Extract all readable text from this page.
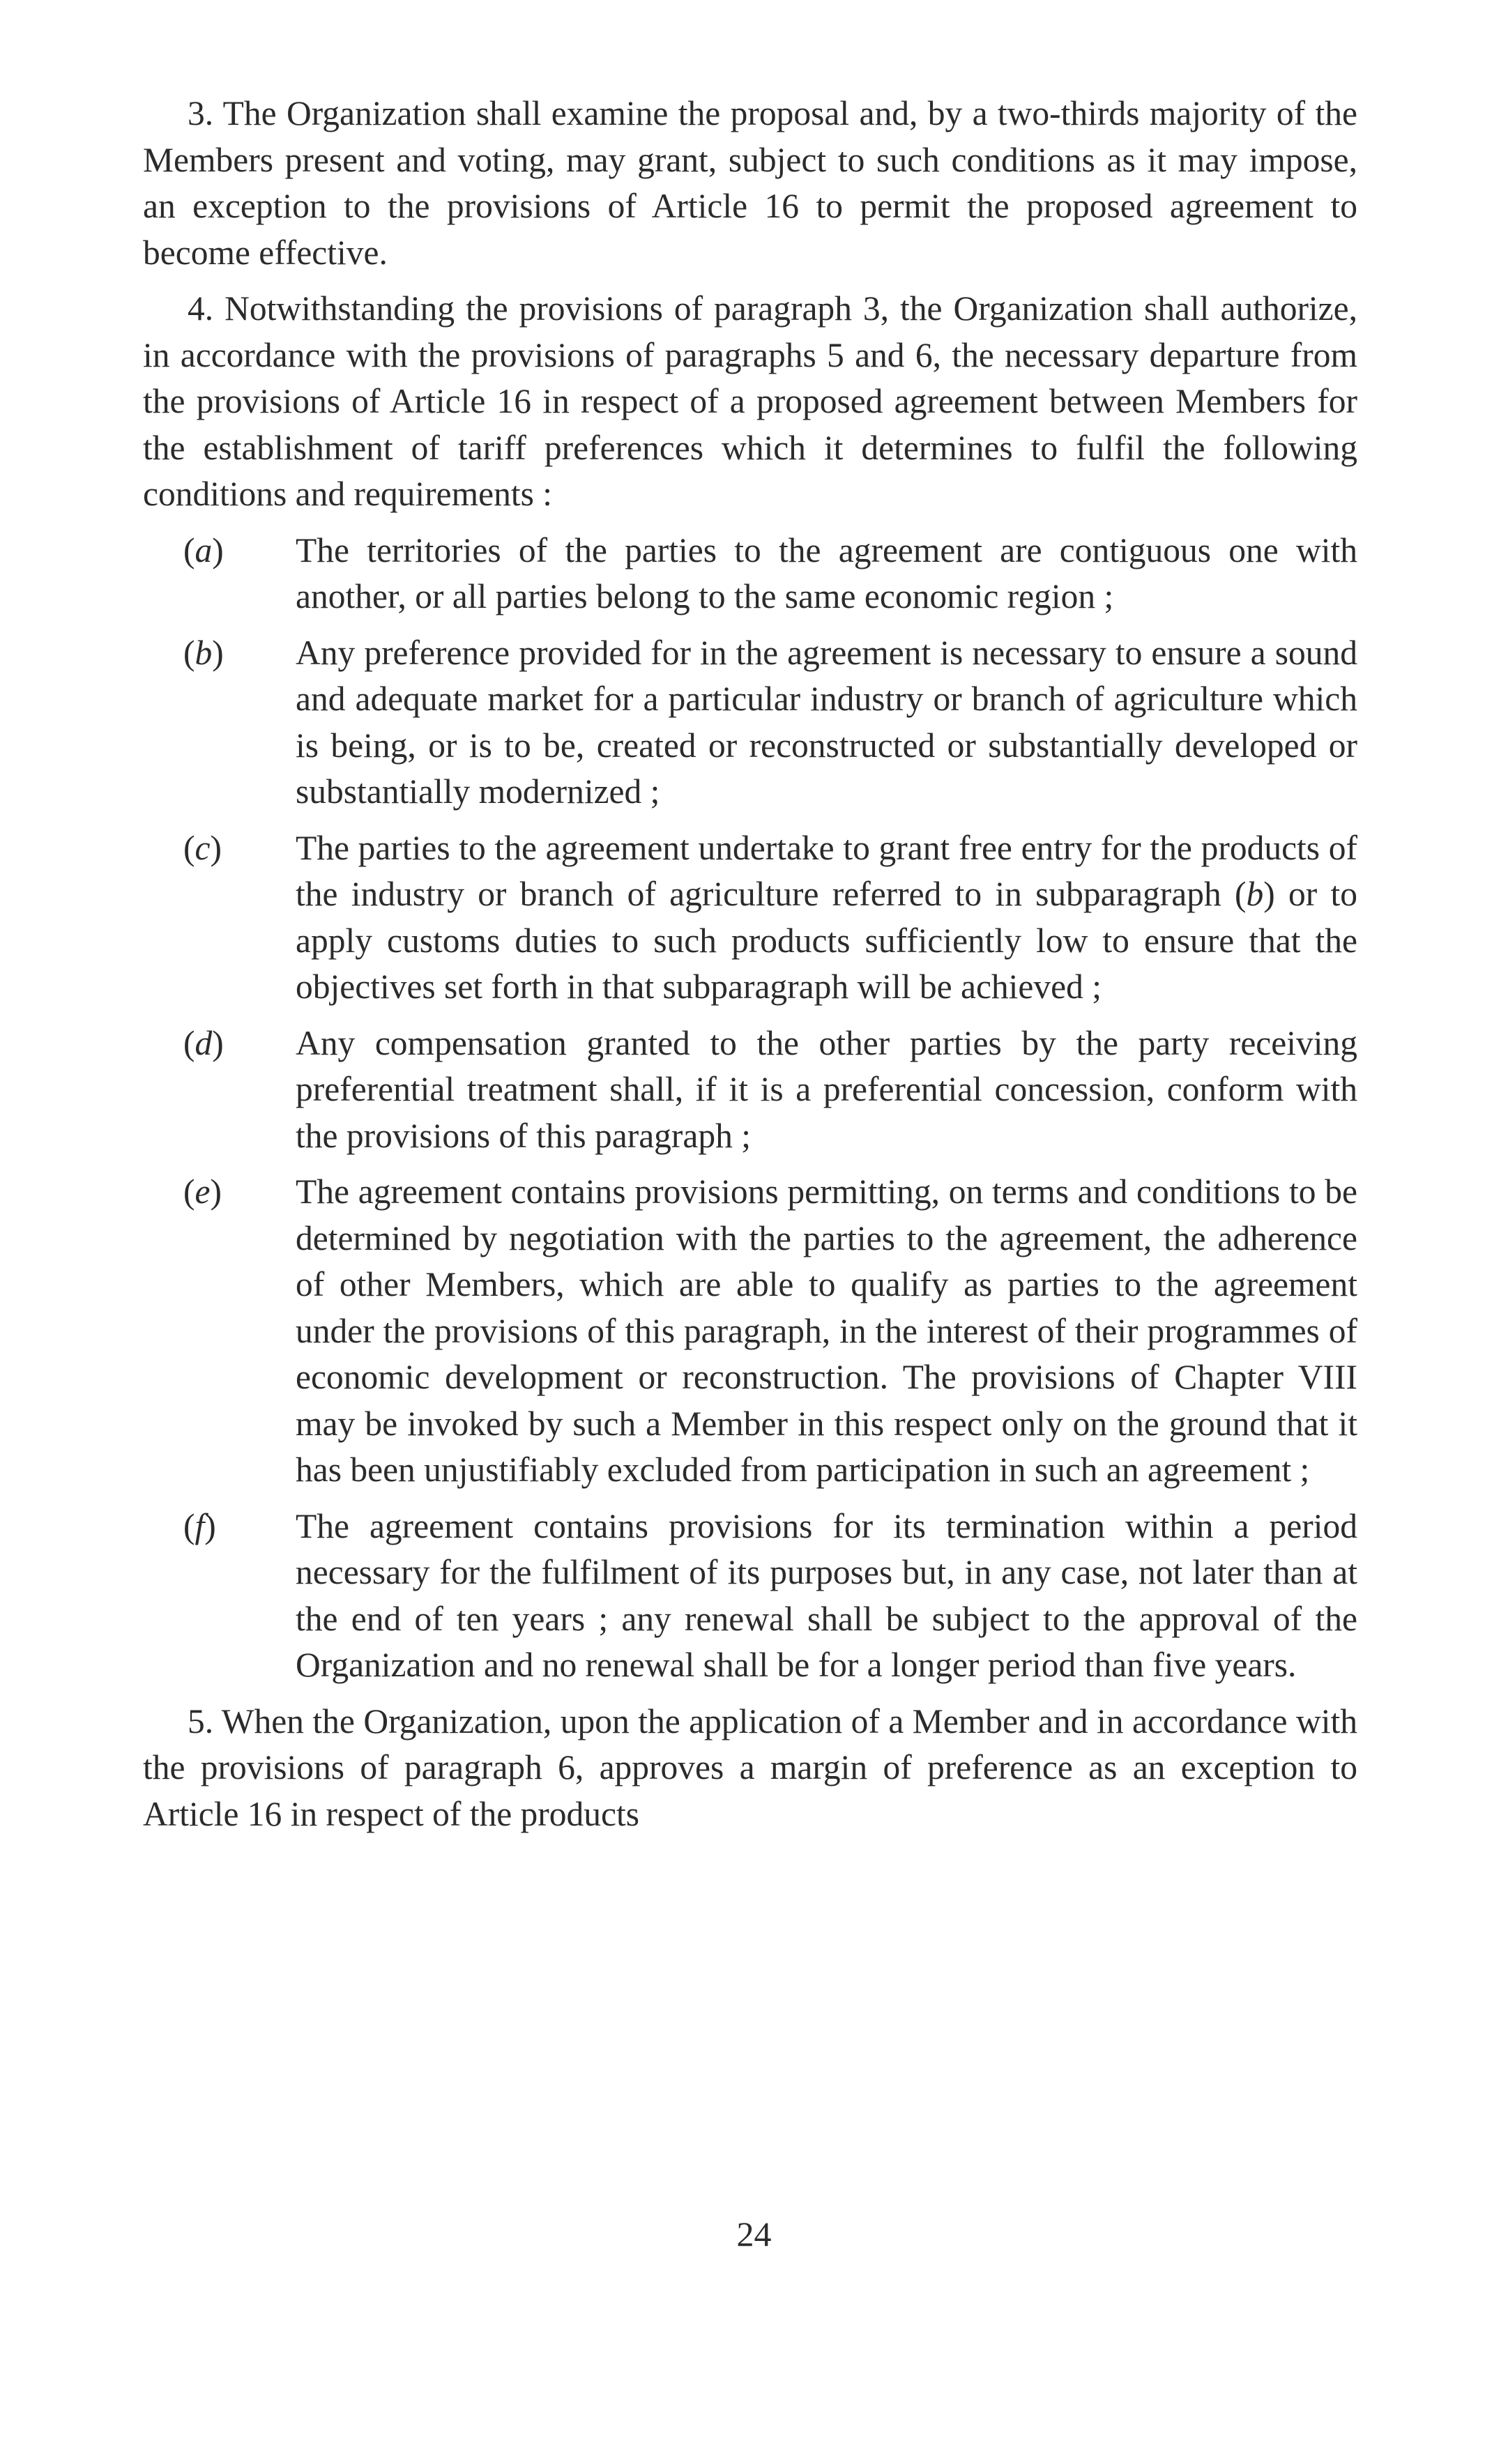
3. The Organization shall examine the proposal and, by a two-thirds majority of the Members present and voting, may grant, subject to such conditions as it may impose, an exception to the provisions of Article 16 to permit the proposed agreement to become effective.

4. Notwithstanding the provisions of paragraph 3, the Organization shall authorize, in accordance with the provisions of paragraphs 5 and 6, the necessary departure from the provisions of Article 16 in respect of a proposed agreement between Members for the establishment of tariff preferences which it determines to fulfil the following conditions and requirements :

(a) The territories of the parties to the agreement are contiguous one with another, or all parties belong to the same economic region ;
(b) Any preference provided for in the agreement is necessary to ensure a sound and adequate market for a particular industry or branch of agriculture which is being, or is to be, created or reconstructed or substantially developed or substantially modernized ;
(c) The parties to the agreement undertake to grant free entry for the products of the industry or branch of agriculture referred to in subparagraph (b) or to apply customs duties to such products sufficiently low to ensure that the objectives set forth in that subparagraph will be achieved ;
(d) Any compensation granted to the other parties by the party receiving preferential treatment shall, if it is a preferential concession, conform with the provisions of this paragraph ;
(e) The agreement contains provisions permitting, on terms and conditions to be determined by negotiation with the parties to the agreement, the adherence of other Members, which are able to qualify as parties to the agreement under the provisions of this paragraph, in the interest of their programmes of economic development or reconstruction. The provisions of Chapter VIII may be invoked by such a Member in this respect only on the ground that it has been unjustifiably excluded from participation in such an agreement ;
(f) The agreement contains provisions for its termination within a period necessary for the fulfilment of its purposes but, in any case, not later than at the end of ten years ; any renewal shall be subject to the approval of the Organization and no renewal shall be for a longer period than five years.

5. When the Organization, upon the application of a Member and in accordance with the provisions of paragraph 6, approves a margin of preference as an exception to Article 16 in respect of the products

24
